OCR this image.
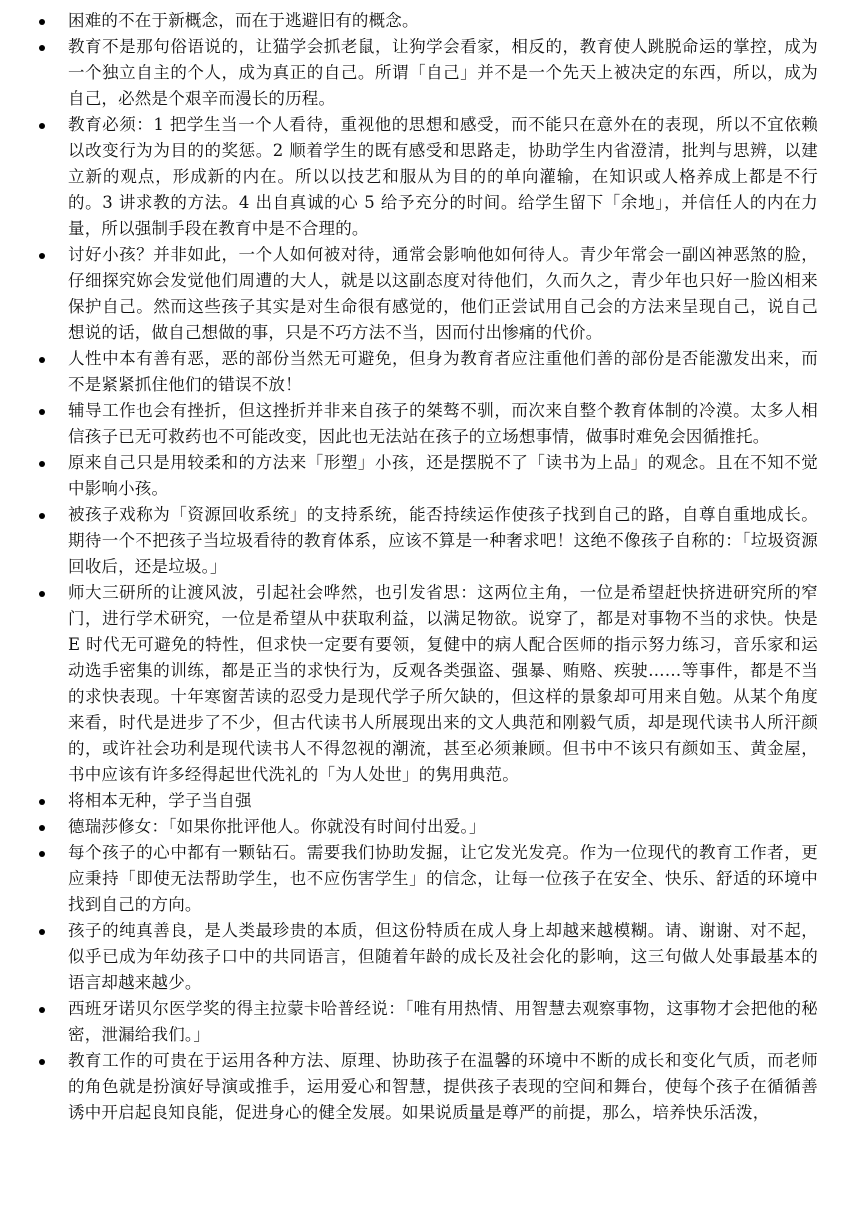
困难的不在于新概念，而在于逃避旧有的概念。
教育不是那句俗语说的，让猫学会抓老鼠，让狗学会看家，相反的，教育使人跳脱命运的掌控，成为一个独立自主的个人，成为真正的自己。所谓「自己」并不是一个先天上被决定的东西，所以，成为自己，必然是个艰辛而漫长的历程。
教育必须：1 把学生当一个人看待，重视他的思想和感受，而不能只在意外在的表现，所以不宜依赖以改变行为为目的的奖惩。2 顺着学生的既有感受和思路走，协助学生内省澄清，批判与思辨，以建立新的观点，形成新的内在。所以以技艺和服从为目的的单向灌输，在知识或人格养成上都是不行的。3 讲求教的方法。4 出自真诚的心 5 给予充分的时间。给学生留下「余地」，并信任人的内在力量，所以强制手段在教育中是不合理的。
讨好小孩？并非如此，一个人如何被对待，通常会影响他如何待人。青少年常会一副凶神恶煞的脸，仔细探究妳会发觉他们周遭的大人，就是以这副态度对待他们，久而久之，青少年也只好一脸凶相来保护自己。然而这些孩子其实是对生命很有感觉的，他们正尝试用自己会的方法来呈现自己，说自己想说的话，做自己想做的事，只是不巧方法不当，因而付出惨痛的代价。
人性中本有善有恶，恶的部份当然无可避免，但身为教育者应注重他们善的部份是否能激发出来，而不是紧紧抓住他们的错误不放！
辅导工作也会有挫折，但这挫折并非来自孩子的桀骜不驯，而次来自整个教育体制的冷漠。太多人相信孩子已无可救药也不可能改变，因此也无法站在孩子的立场想事情，做事时难免会因循推托。
原来自己只是用较柔和的方法来「形塑」小孩，还是摆脱不了「读书为上品」的观念。且在不知不觉中影响小孩。
被孩子戏称为「资源回收系统」的支持系统，能否持续运作使孩子找到自己的路，自尊自重地成长。期待一个不把孩子当垃圾看待的教育体系，应该不算是一种奢求吧！这绝不像孩子自称的：「垃圾资源回收后，还是垃圾。」
师大三研所的让渡风波，引起社会哗然，也引发省思：这两位主角，一位是希望赶快挤进研究所的窄门，进行学术研究，一位是希望从中获取利益，以满足物欲。说穿了，都是对事物不当的求快。快是 E 时代无可避免的特性，但求快一定要有要领，复健中的病人配合医师的指示努力练习，音乐家和运动选手密集的训练，都是正当的求快行为，反观各类强盗、强暴、贿赂、疾驶……等事件，都是不当的求快表现。十年寒窗苦读的忍受力是现代学子所欠缺的，但这样的景象却可用来自勉。从某个角度来看，时代是进步了不少，但古代读书人所展现出来的文人典范和刚毅气质，却是现代读书人所汗颜的，或许社会功利是现代读书人不得忽视的潮流，甚至必须兼顾。但书中不该只有颜如玉、黄金屋，书中应该有许多经得起世代洗礼的「为人处世」的隽用典范。
将相本无种，学子当自强
德瑞莎修女：「如果你批评他人。你就没有时间付出爱。」
每个孩子的心中都有一颗钻石。需要我们协助发掘，让它发光发亮。作为一位现代的教育工作者，更应秉持「即使无法帮助学生，也不应伤害学生」的信念，让每一位孩子在安全、快乐、舒适的环境中找到自己的方向。
孩子的纯真善良，是人类最珍贵的本质，但这份特质在成人身上却越来越模糊。请、谢谢、对不起，似乎已成为年幼孩子口中的共同语言，但随着年龄的成长及社会化的影响，这三句做人处事最基本的语言却越来越少。
西班牙诺贝尔医学奖的得主拉蒙卡哈普经说：「唯有用热情、用智慧去观察事物，这事物才会把他的秘密，泄漏给我们。」
教育工作的可贵在于运用各种方法、原理、协助孩子在温馨的环境中不断的成长和变化气质，而老师的角色就是扮演好导演或推手，运用爱心和智慧，提供孩子表现的空间和舞台，使每个孩子在循循善诱中开启起良知良能，促进身心的健全发展。如果说质量是尊严的前提，那么，培养快乐活泼，
